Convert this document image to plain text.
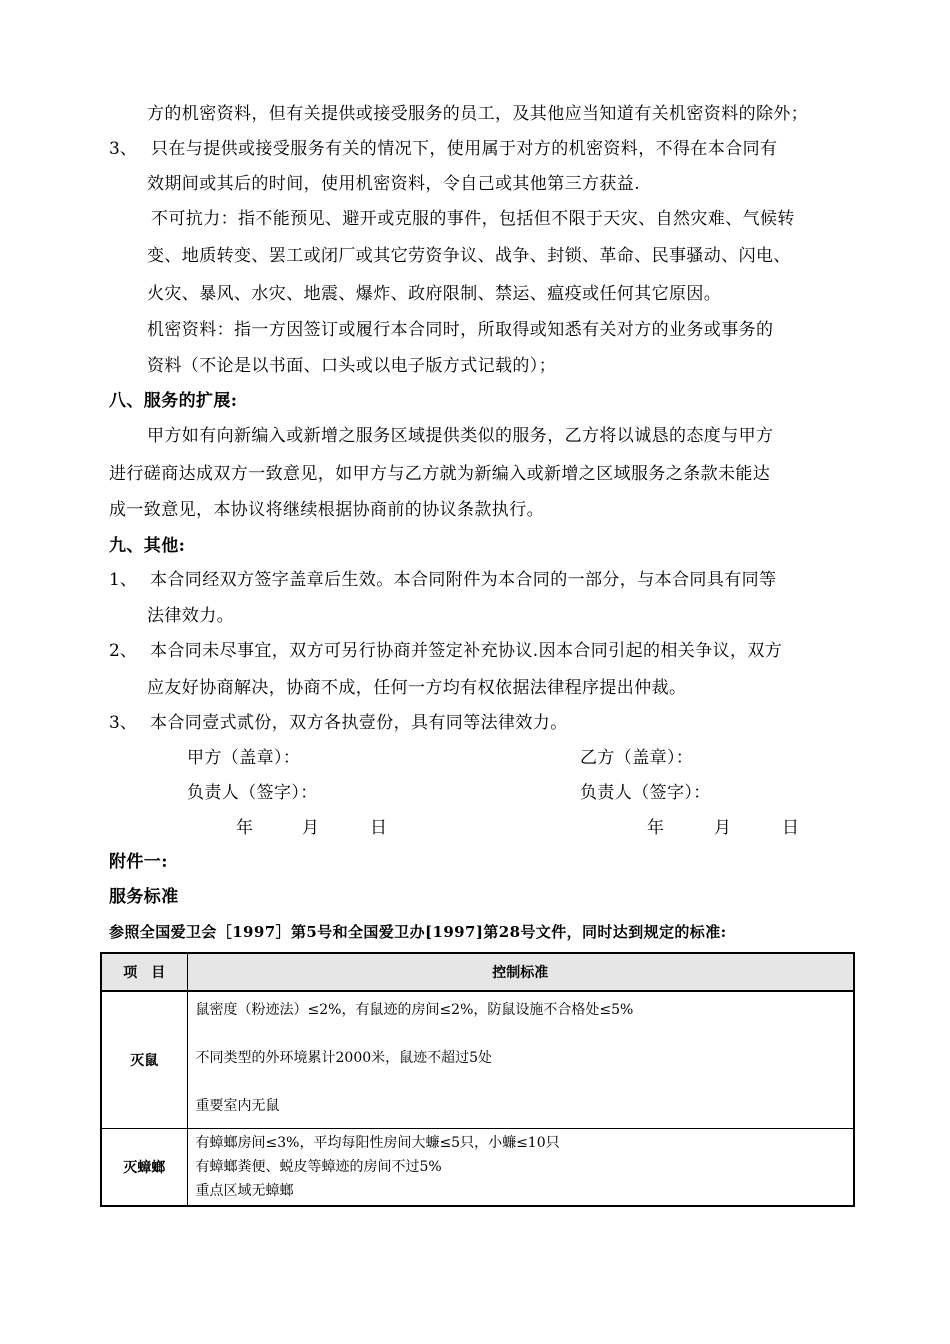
方的机密资料，但有关提供或接受服务的员工，及其他应当知道有关机密资料的除外；
3、 只在与提供或接受服务有关的情况下，使用属于对方的机密资料，不得在本合同有
效期间或其后的时间，使用机密资料，令自己或其他第三方获益.
不可抗力：指不能预见、避开或克服的事件，包括但不限于天灾、自然灾难、气候转
变、地质转变、罢工或闭厂或其它劳资争议、战争、封锁、革命、民事骚动、闪电、
火灾、暴风、水灾、地震、爆炸、政府限制、禁运、瘟疫或任何其它原因。
机密资料：指一方因签订或履行本合同时，所取得或知悉有关对方的业务或事务的
资料（不论是以书面、口头或以电子版方式记载的）；
八、服务的扩展:
甲方如有向新编入或新增之服务区域提供类似的服务，乙方将以诚恳的态度与甲方
进行磋商达成双方一致意见，如甲方与乙方就为新编入或新增之区域服务之条款未能达
成一致意见，本协议将继续根据协商前的协议条款执行。
九、其他:
1、 本合同经双方签字盖章后生效。本合同附件为本合同的一部分，与本合同具有同等
法律效力。
2、 本合同未尽事宜，双方可另行协商并签定补充协议.因本合同引起的相关争议，双方
应友好协商解决，协商不成，任何一方均有权依据法律程序提出仲裁。
3、 本合同壹式贰份，双方各执壹份，具有同等法律效力。
甲方（盖章）：	乙方（盖章）：
负责人（签字）：	负责人（签字）：
年	月	日	年	月	日
附件一:
服务标准
参照全国爱卫会［1997］第5号和全国爱卫办[1997]第28号文件，同时达到规定的标准:
项　目	控制标准
灭鼠	鼠密度（粉迹法）≤2%，有鼠迹的房间≤2%，防鼠设施不合格处≤5%
不同类型的外环境累计2000米，鼠迹不超过5处
重要室内无鼠

灭蟑螂	有蟑螂房间≤3%，平均每阳性房间大蠊≤5只，小蠊≤10只
有蟑螂粪便、蜕皮等蟑迹的房间不过5%
重点区域无蟑螂
